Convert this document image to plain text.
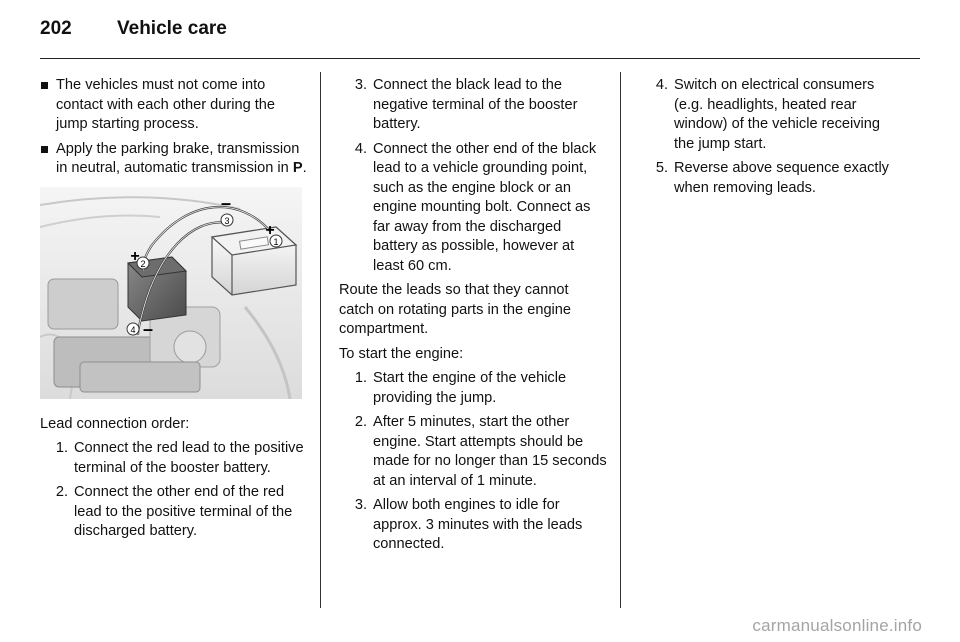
202	Vehicle care
The vehicles must not come into contact with each other during the jump starting process.
Apply the parking brake, transmission in neutral, automatic transmission in P.
1
2
3
4
–
+
+
–

Lead connection order:

1. Connect the red lead to the positive terminal of the booster battery.
2. Connect the other end of the red lead to the positive terminal of the discharged battery.
3. Connect the black lead to the negative terminal of the booster battery.
4. Connect the other end of the black lead to a vehicle grounding point, such as the engine block or an engine mounting bolt. Connect as far away from the discharged battery as possible, however at least 60 cm.

Route the leads so that they cannot catch on rotating parts in the engine compartment.

To start the engine:

1. Start the engine of the vehicle providing the jump.
2. After 5 minutes, start the other engine. Start attempts should be made for no longer than 15 seconds at an interval of 1 minute.
3. Allow both engines to idle for approx. 3 minutes with the leads connected.
4. Switch on electrical consumers (e.g. headlights, heated rear window) of the vehicle receiving the jump start.
5. Reverse above sequence exactly when removing leads.
carmanualsonline.info
